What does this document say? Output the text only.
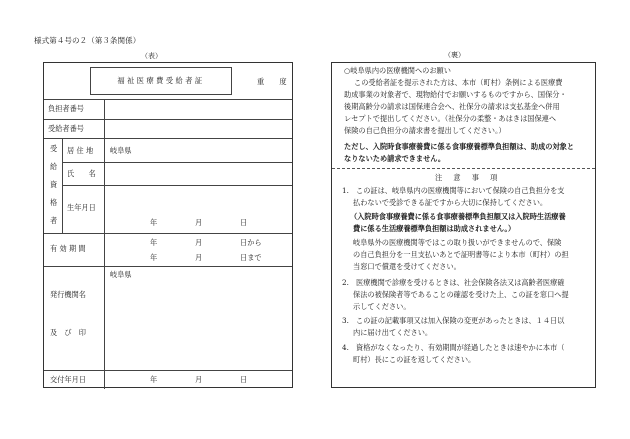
様式第４号の２（第３条関係）
（表）	（裏）
福祉医療費受給者証	重　度
負担者番号
受給者番号
受
給
資
格
者
居 住 地 岐阜県
氏　　名
生年月日
年	月	日
有 効 期 間
年	月	日から
年	月	日まで
岐阜県
発行機関名
及　び　印
交付年月日	年	月	日
○岐阜県内の医療機関へのお願い
この受給者証を提示された方は、本市（町村）条例による医療費
助成事業の対象者で、現物給付でお願いするものですから、国保分・
後期高齢分の請求は国保連合会へ、社保分の請求は支払基金へ併用
レセプトで提出してください。（社保分の柔整・あはきは国保連へ
保険の自己負担分の請求書を提出してください。）
ただし、入院時食事療養費に係る食事療養標準負担額は、助成の対象と
なりないため請求できません。
注　意　事　項
1.　この証は、岐阜県内の医療機関等において保険の自己負担分を支
払わないで受診できる証ですから大切に保持してください。
（入院時食事療養費に係る食事療養標準負担額又は入院時生活療養
費に係る生活療養標準負担額は助成されません。）
岐阜県外の医療機関等ではこの取り扱いができませんので、保険
の自己負担分を一旦支払いあとで証明書等により本市（町村）の担
当窓口で償還を受けてください。
2.　医療機関で診療を受けるときは、社会保険各法又は高齢者医療確
保法の被保険者等であることの確認を受けた上、この証を窓口へ提
示してください。
3.　この証の記載事項又は加入保険の変更があったときは、１４日以
内に届け出てください。
4.　資格がなくなったり、有効期間が経過したときは速やかに本市（
町村）長にこの証を返してください。
